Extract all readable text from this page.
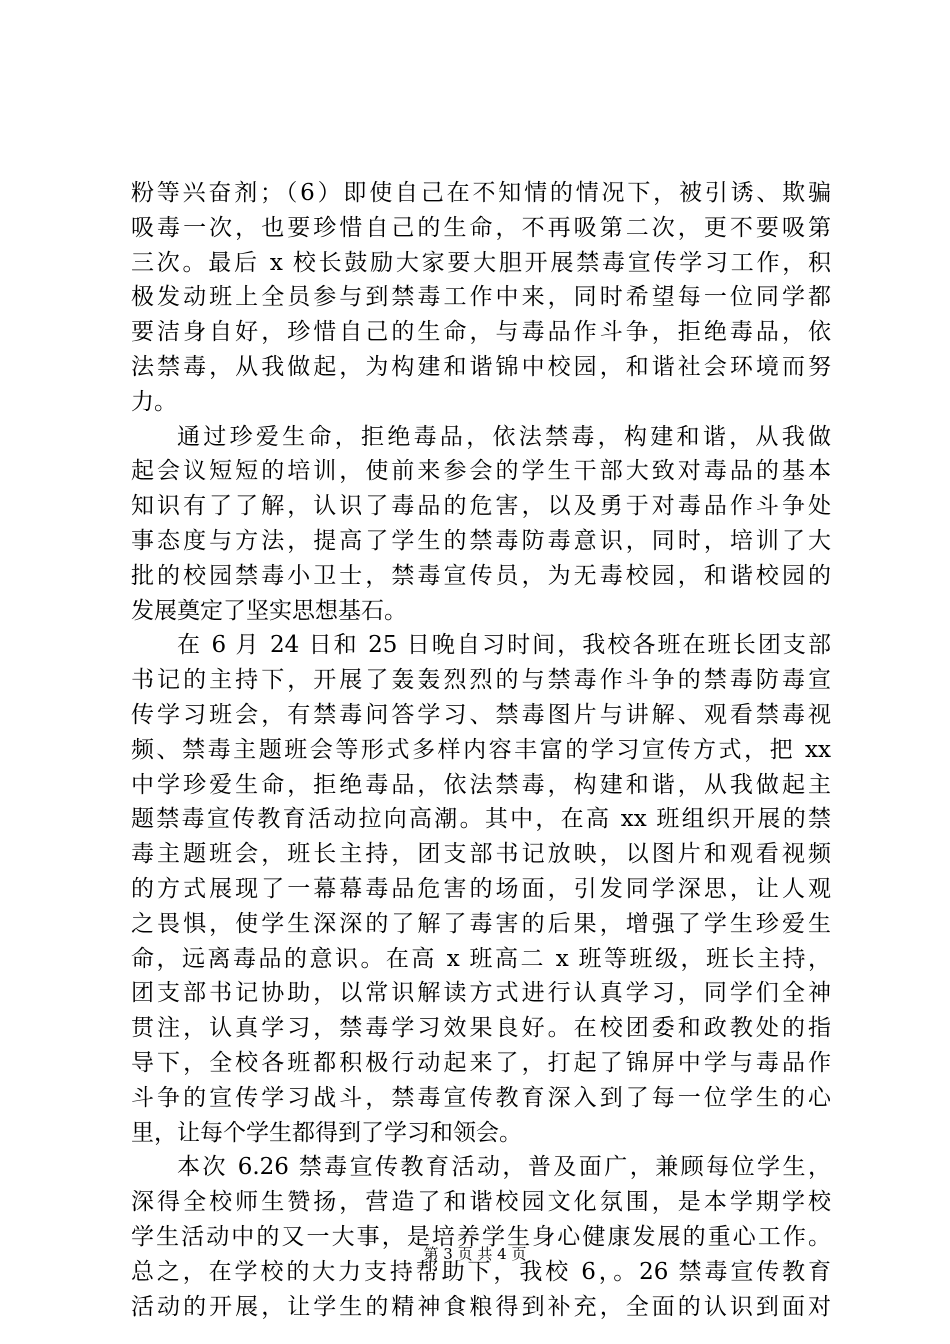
粉等兴奋剂；（6）即使自己在不知情的情况下，被引诱、欺骗
吸毒一次，也要珍惜自己的生命，不再吸第二次，更不要吸第
三次。最后 x 校长鼓励大家要大胆开展禁毒宣传学习工作，积
极发动班上全员参与到禁毒工作中来，同时希望每一位同学都
要洁身自好，珍惜自己的生命，与毒品作斗争，拒绝毒品，依
法禁毒，从我做起，为构建和谐锦中校园，和谐社会环境而努
力。
通过珍爱生命，拒绝毒品，依法禁毒，构建和谐，从我做
起会议短短的培训，使前来参会的学生干部大致对毒品的基本
知识有了了解，认识了毒品的危害，以及勇于对毒品作斗争处
事态度与方法，提高了学生的禁毒防毒意识，同时，培训了大
批的校园禁毒小卫士，禁毒宣传员，为无毒校园，和谐校园的
发展奠定了坚实思想基石。
在 6 月 24 日和 25 日晚自习时间，我校各班在班长团支部
书记的主持下，开展了轰轰烈烈的与禁毒作斗争的禁毒防毒宣
传学习班会，有禁毒问答学习、禁毒图片与讲解、观看禁毒视
频、禁毒主题班会等形式多样内容丰富的学习宣传方式，把 xx
中学珍爱生命，拒绝毒品，依法禁毒，构建和谐，从我做起主
题禁毒宣传教育活动拉向高潮。其中，在高 xx 班组织开展的禁
毒主题班会，班长主持，团支部书记放映，以图片和观看视频
的方式展现了一幕幕毒品危害的场面，引发同学深思，让人观
之畏惧，使学生深深的了解了毒害的后果，增强了学生珍爱生
命，远离毒品的意识。在高 x 班高二 x 班等班级，班长主持，
团支部书记协助，以常识解读方式进行认真学习，同学们全神
贯注，认真学习，禁毒学习效果良好。在校团委和政教处的指
导下，全校各班都积极行动起来了，打起了锦屏中学与毒品作
斗争的宣传学习战斗，禁毒宣传教育深入到了每一位学生的心
里，让每个学生都得到了学习和领会。
本次 6.26 禁毒宣传教育活动，普及面广，兼顾每位学生，
深得全校师生赞扬，营造了和谐校园文化氛围，是本学期学校
学生活动中的又一大事，是培养学生身心健康发展的重心工作。
总之，在学校的大力支持帮助下，我校 6，。26 禁毒宣传教育
活动的开展，让学生的精神食粮得到补充，全面的认识到面对
第 3 页 共 4 页
